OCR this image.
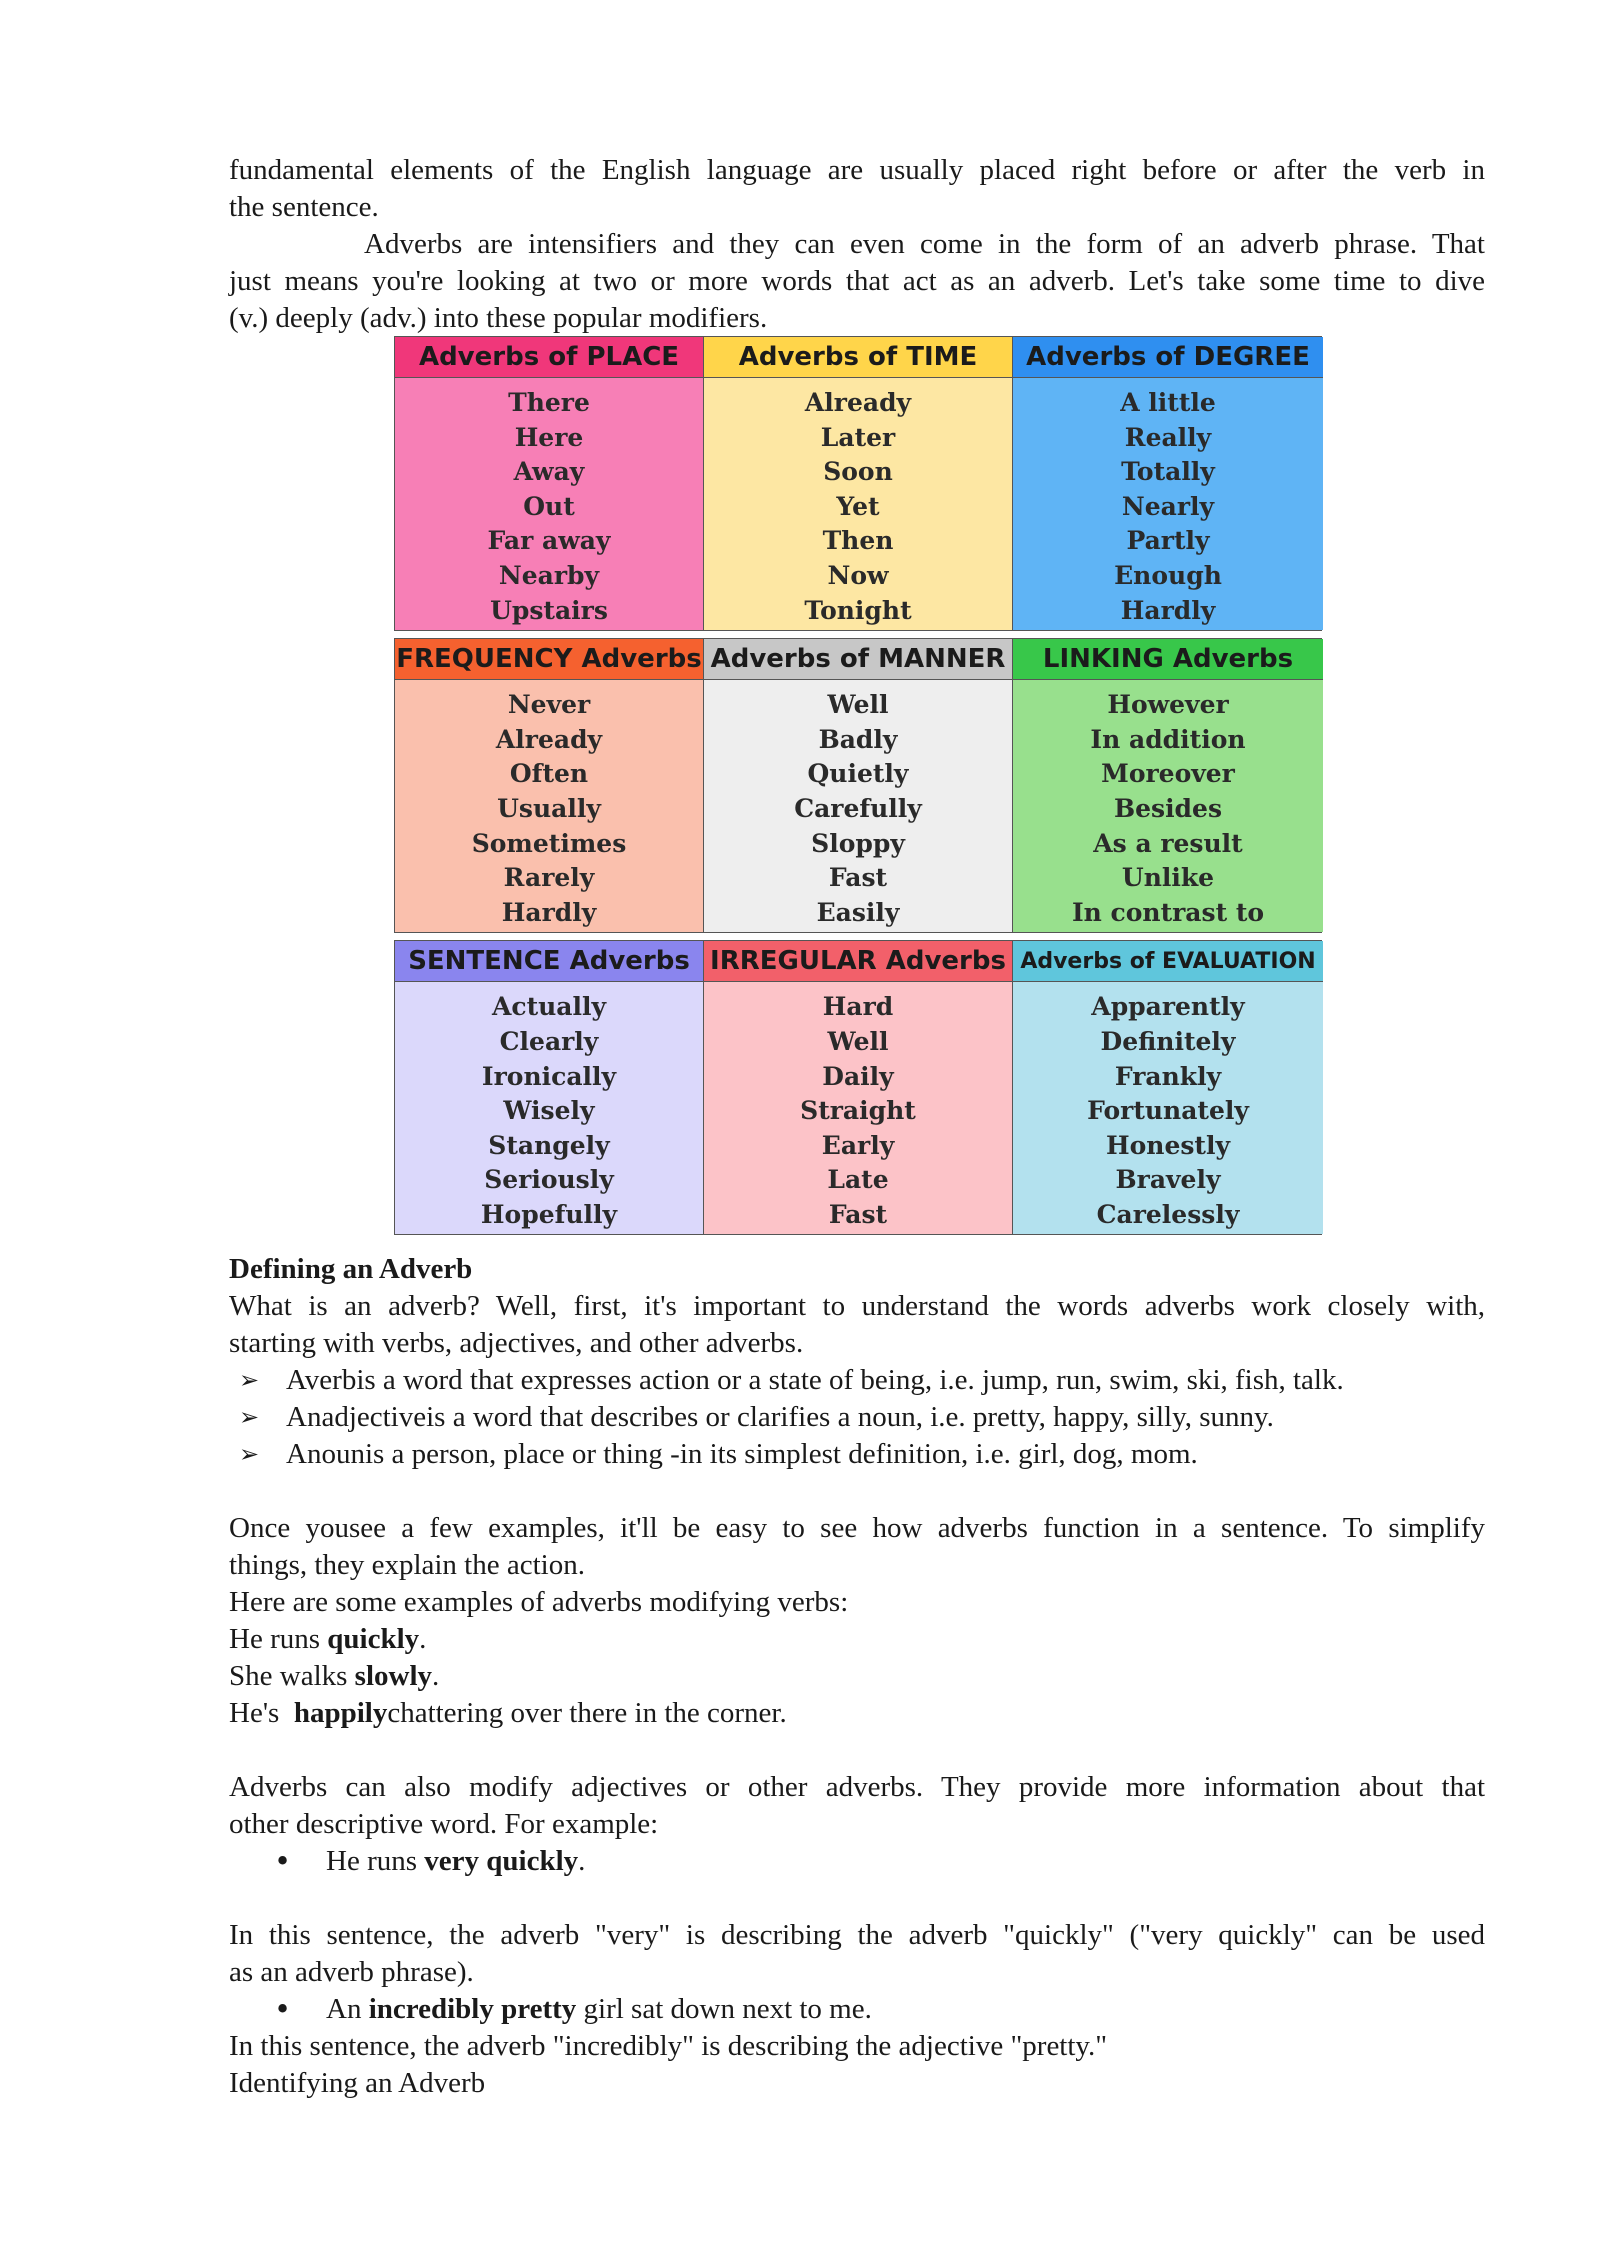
fundamental elements of the English language are usually placed right before or after the verb in

the sentence.

Adverbs are intensifiers and they can even come in the form of an adverb phrase. That

just means you're looking at two or more words that act as an adverb. Let's take some time to dive

(v.) deeply (adv.) into these popular modifiers.

Adverbs of PLACE
There
Here
Away
Out
Far away
Nearby
Upstairs
Adverbs of TIME
Already
Later
Soon
Yet
Then
Now
Tonight
Adverbs of DEGREE
A little
Really
Totally
Nearly
Partly
Enough
Hardly
FREQUENCY Adverbs
Never
Already
Often
Usually
Sometimes
Rarely
Hardly
Adverbs of MANNER
Well
Badly
Quietly
Carefully
Sloppy
Fast
Easily
LINKING Adverbs
However
In addition
Moreover
Besides
As a result
Unlike
In contrast to
SENTENCE Adverbs
Actually
Clearly
Ironically
Wisely
Stangely
Seriously
Hopefully
IRREGULAR Adverbs
Hard
Well
Daily
Straight
Early
Late
Fast
Adverbs of EVALUATION
Apparently
Definitely
Frankly
Fortunately
Honestly
Bravely
Carelessly

Defining an Adverb

What is an adverb? Well, first, it's important to understand the words adverbs work closely with,

starting with verbs, adjectives, and other adverbs.

➢ Averbis a word that expresses action or a state of being, i.e. jump, run, swim, ski, fish, talk.
➢ Anadjectiveis a word that describes or clarifies a noun, i.e. pretty, happy, silly, sunny.
➢ Anounis a person, place or thing -in its simplest definition, i.e. girl, dog, mom.

Once yousee a few examples, it'll be easy to see how adverbs function in a sentence. To simplify

things, they explain the action.

Here are some examples of adverbs modifying verbs:

He runs quickly.

She walks slowly.

He's  happilychattering over there in the corner.

Adverbs can also modify adjectives or other adverbs. They provide more information about that

other descriptive word. For example:

• He runs very quickly.

In this sentence, the adverb "very" is describing the adverb "quickly" ("very quickly" can be used

as an adverb phrase).

• An incredibly pretty girl sat down next to me.

In this sentence, the adverb "incredibly" is describing the adjective "pretty."

Identifying an Adverb
